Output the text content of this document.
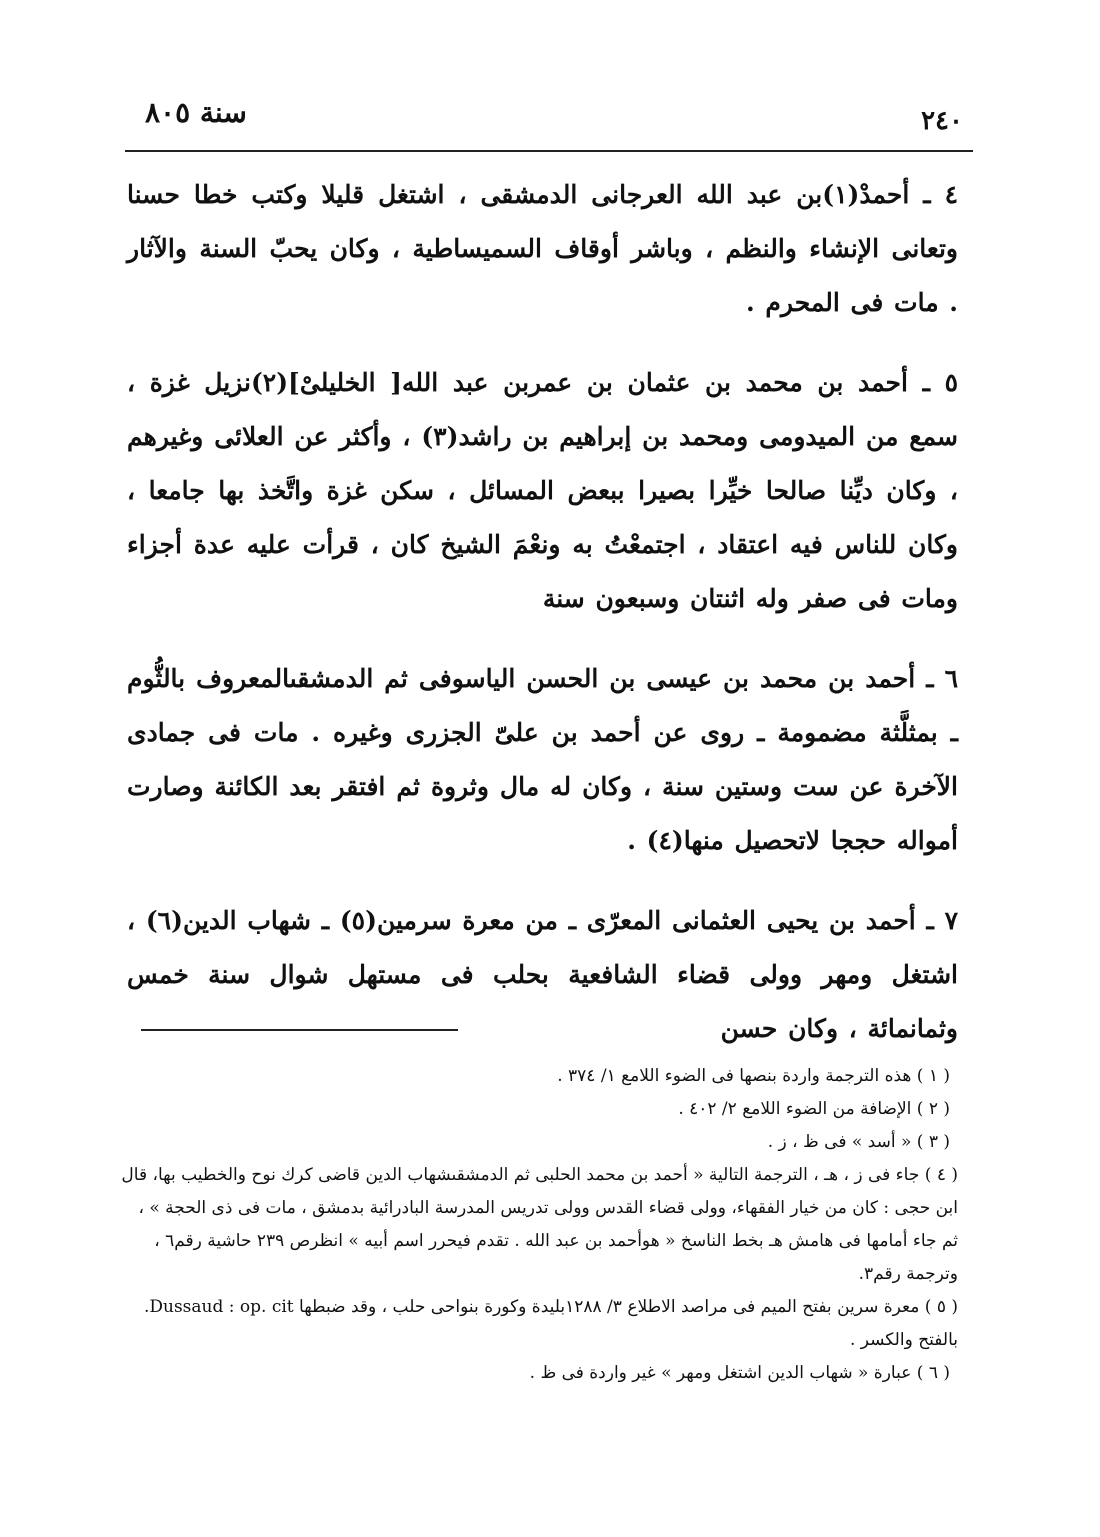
٢٤٠
سنة ٨٠٥

٤ ـ أحمدْ(١)بن عبد الله العرجانى الدمشقى ، اشتغل قليلا وكتب خطا حسنا وتعانى الإنشاء والنظم ، وباشر أوقاف السميساطية ، وكان يحبّ السنة والآثار . مات فى المحرم .

٥ ـ أحمد بن محمد بن عثمان بن عمربن عبد الله[ الخليلىْ](٢)نزيل غزة ، سمع من الميدومى ومحمد بن إبراهيم بن راشد(٣) ، وأكثر عن العلائى وغيرهم ، وكان ديِّنا صالحا خيِّرا بصيرا ببعض المسائل ، سكن غزة واتَّخذ بها جامعا ، وكان للناس فيه اعتقاد ، اجتمعْتُ به ونعْمَ الشيخ كان ، قرأت عليه عدة أجزاء ومات فى صفر وله اثنتان وسبعون سنة

٦ ـ أحمد بن محمد بن عيسى بن الحسن الياسوفى ثم الدمشقىالمعروف بالثُّوم ـ بمثلَّثة مضمومة ـ روى عن أحمد بن علىّ الجزرى وغيره . مات فى جمادى الآخرة عن ست وستين سنة ، وكان له مال وثروة ثم افتقر بعد الكائنة وصارت أمواله حججا لاتحصيل منها(٤) .

٧ ـ أحمد بن يحيى العثمانى المعرّى ـ من معرة سرمين(٥) ـ شهاب الدين(٦) ، اشتغل ومهر وولى قضاء الشافعية بحلب فى مستهل شوال سنة خمس وثمانمائة ، وكان حسن

( ١ ) هذه الترجمة واردة بنصها فى الضوء اللامع ١/ ٣٧٤ .

( ٢ ) الإضافة من الضوء اللامع ٢/ ٤٠٢ .

( ٣ ) « أسد » فى ظ ، ز .

( ٤ ) جاء فى ز ، هـ ، الترجمة التالية « أحمد بن محمد الحلبى ثم الدمشقىشهاب الدين قاضى كرك نوح والخطيب بها، قال ابن حجى : كان من خيار الفقهاء، وولى قضاء القدس وولى تدريس المدرسة البادرائية بدمشق ، مات فى ذى الحجة » ، ثم جاء أمامها فى هامش هـ بخط الناسخ « هوأحمد بن عبد الله . تقدم فيحرر اسم أبيه » انظرص ٢٣٩ حاشية رقم٦ ، وترجمة رقم٣.

( ٥ ) معرة سرين بفتح الميم فى مراصد الاطلاع ٣/ ١٢٨٨بليدة وكورة بنواحى حلب ، وقد ضبطها Dussaud : op. cit. بالفتح والكسر .

( ٦ ) عبارة « شهاب الدين اشتغل ومهر » غير واردة فى ظ .
